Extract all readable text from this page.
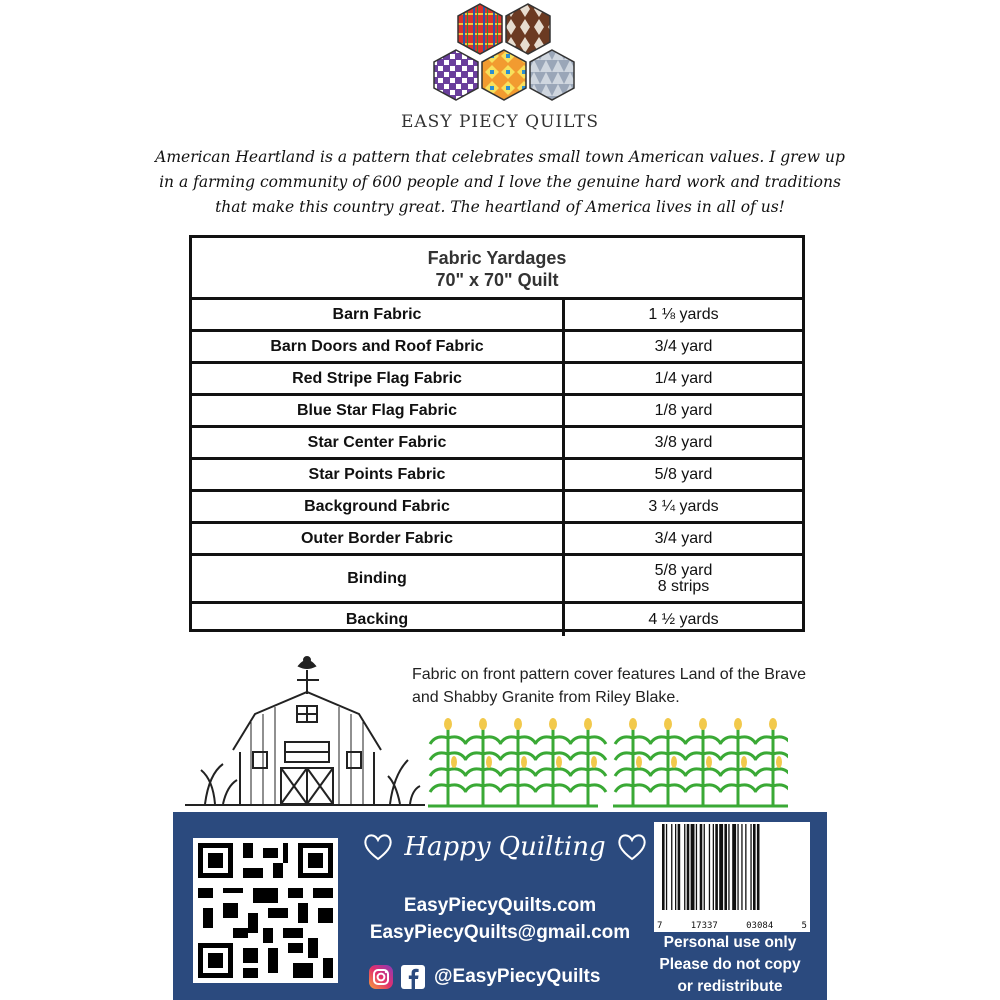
EASY PIECY QUILTS
American Heartland is a pattern that celebrates small town American values. I grew up
in a farming community of 600 people and I love the genuine hard work and traditions
that make this country great. The heartland of America lives in all of us!
Fabric Yardages
70" x 70" Quilt
Barn Fabric	1 ⅛ yards
Barn Doors and Roof Fabric	3/4 yard
Red Stripe Flag Fabric	1/4 yard
Blue Star Flag Fabric	1/8 yard
Star Center Fabric	3/8 yard
Star Points Fabric	5/8 yard
Background Fabric	3 ¼ yards
Outer Border Fabric	3/4 yard
Binding	5/8 yard
8 strips
Backing	4 ½ yards
Fabric on front pattern cover features Land of the Brave and Shabby Granite from Riley Blake.
Happy Quilting
EasyPiecyQuilts.com
EasyPiecyQuilts@gmail.com
@EasyPiecyQuilts
7	17337	03084	5
Personal use only
Please do not copy
or redistribute
